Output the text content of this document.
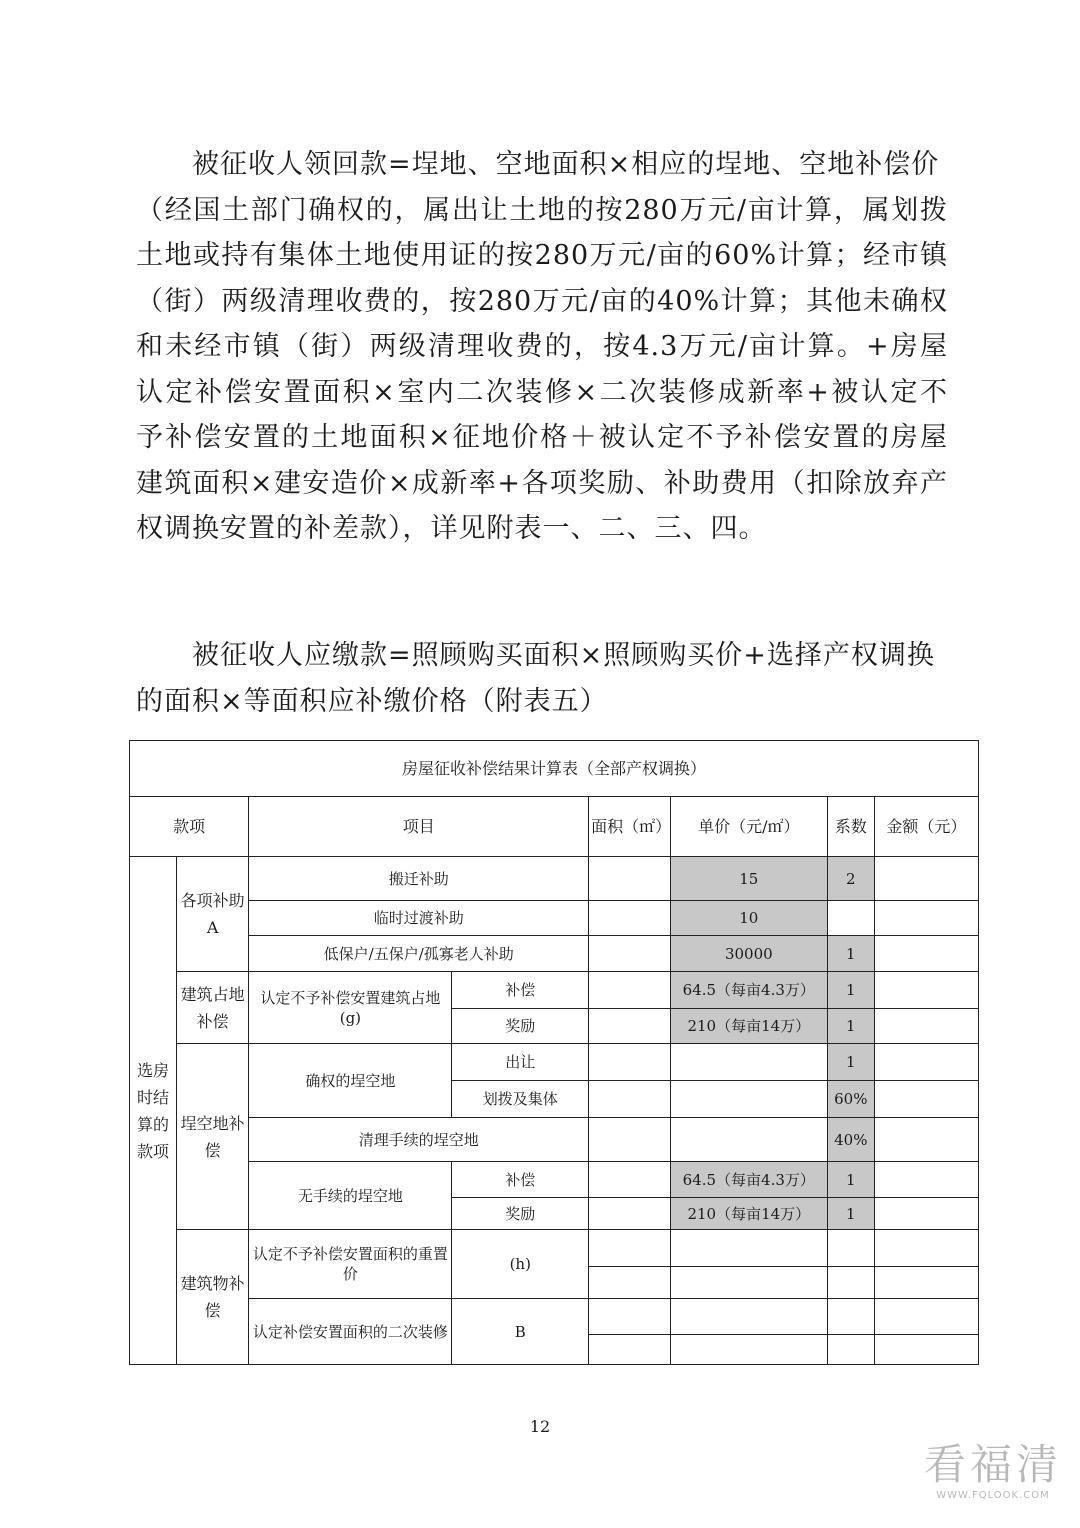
　　被征收人领回款=埕地、空地面积×相应的埕地、空地补偿价
（经国土部门确权的，属出让土地的按280万元/亩计算，属划拨
土地或持有集体土地使用证的按280万元/亩的60%计算；经市镇
（街）两级清理收费的，按280万元/亩的40%计算；其他未确权
和未经市镇（街）两级清理收费的，按4.3万元/亩计算。+房屋
认定补偿安置面积×室内二次装修×二次装修成新率+被认定不
予补偿安置的土地面积×征地价格＋被认定不予补偿安置的房屋
建筑面积×建安造价×成新率+各项奖励、补助费用（扣除放弃产
权调换安置的补差款），详见附表一、二、三、四。
　　被征收人应缴款=照顾购买面积×照顾购买价+选择产权调换
的面积×等面积应补缴价格（附表五）
房屋征收补偿结果计算表（全部产权调换）							
款项		项目		面积（㎡）	单价（元/㎡）	系数	金额（元）
选房时结算的款项	各项补助A	搬迁补助			15	2	
		临时过渡补助			10		
		低保户/五保户/孤寡老人补助			30000	1	
	建筑占地补偿	认定不予补偿安置建筑占地(g)	补偿		64.5（每亩4.3万）	1	
			奖励		210（每亩14万）	1	
	埕空地补偿	确权的埕空地	出让			1	
			划拨及集体			60%	
		清理手续的埕空地				40%	
		无手续的埕空地	补偿		64.5（每亩4.3万）	1	
			奖励		210（每亩14万）	1	
	建筑物补偿	认定不予补偿安置面积的重置价	(h)				

		认定补偿安置面积的二次装修	B				

12
看福清
WWW.FQLOOK.COM
